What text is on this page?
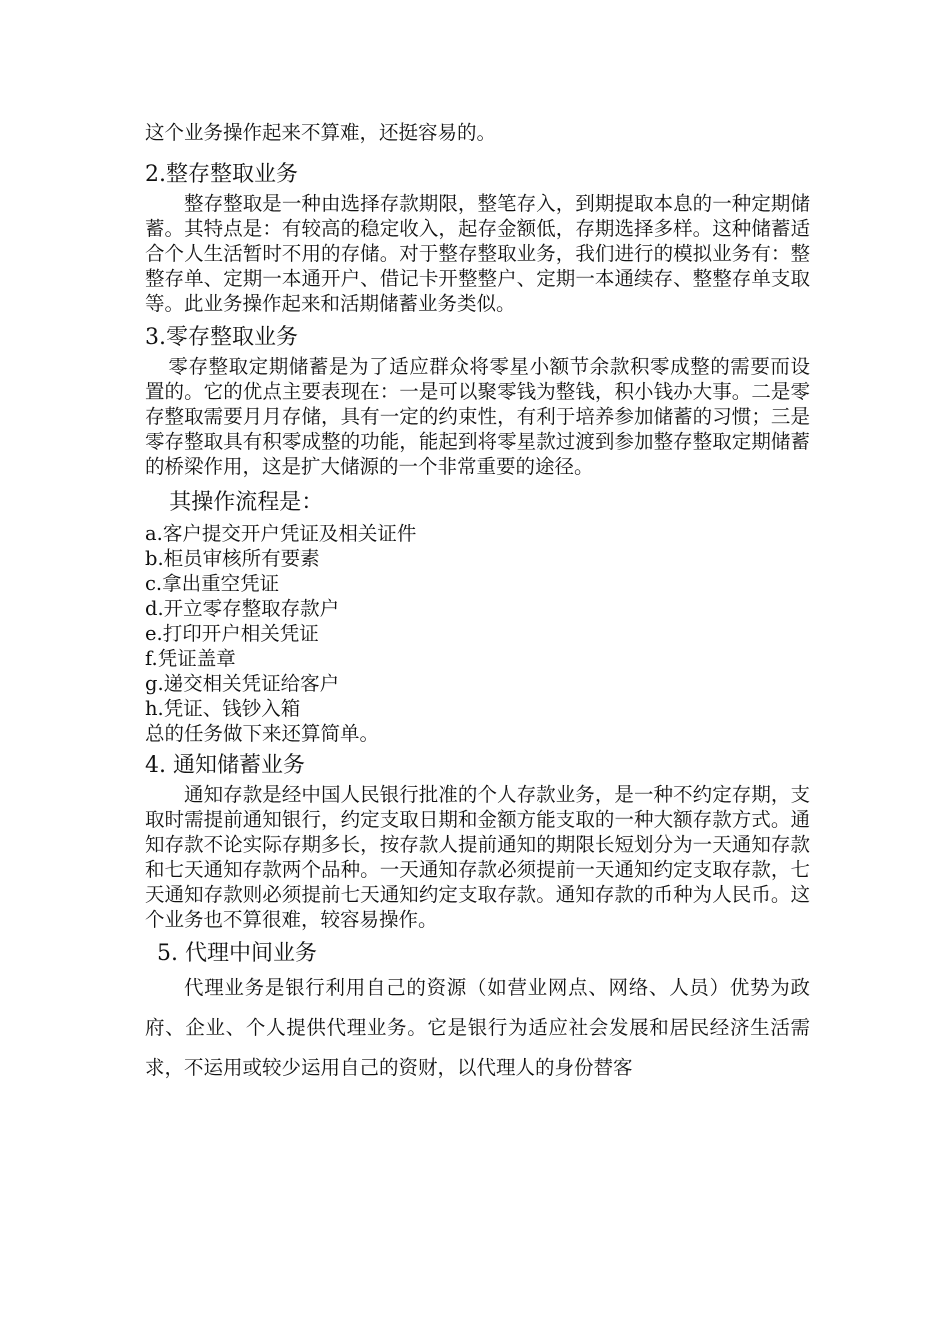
这个业务操作起来不算难，还挺容易的。

2.整存整取业务

整存整取是一种由选择存款期限，整笔存入，到期提取本息的一种定期储蓄。其特点是：有较高的稳定收入，起存金额低，存期选择多样。这种储蓄适合个人生活暂时不用的存储。对于整存整取业务，我们进行的模拟业务有：整整存单、定期一本通开户、借记卡开整整户、定期一本通续存、整整存单支取等。此业务操作起来和活期储蓄业务类似。

3.零存整取业务

零存整取定期储蓄是为了适应群众将零星小额节余款积零成整的需要而设置的。它的优点主要表现在：一是可以聚零钱为整钱，积小钱办大事。二是零存整取需要月月存储，具有一定的约束性，有利于培养参加储蓄的习惯；三是零存整取具有积零成整的功能，能起到将零星款过渡到参加整存整取定期储蓄的桥梁作用，这是扩大储源的一个非常重要的途径。

其操作流程是：

a.客户提交开户凭证及相关证件
b.柜员审核所有要素
c.拿出重空凭证
d.开立零存整取存款户
e.打印开户相关凭证
f.凭证盖章
g.递交相关凭证给客户
h.凭证、钱钞入箱

总的任务做下来还算简单。

4. 通知储蓄业务

通知存款是经中国人民银行批准的个人存款业务，是一种不约定存期，支取时需提前通知银行，约定支取日期和金额方能支取的一种大额存款方式。通知存款不论实际存期多长，按存款人提前通知的期限长短划分为一天通知存款和七天通知存款两个品种。一天通知存款必须提前一天通知约定支取存款，七天通知存款则必须提前七天通知约定支取存款。通知存款的币种为人民币。这个业务也不算很难，较容易操作。

5. 代理中间业务

代理业务是银行利用自己的资源（如营业网点、网络、人员）优势为政府、企业、个人提供代理业务。它是银行为适应社会发展和居民经济生活需求，不运用或较少运用自己的资财，以代理人的身份替客
